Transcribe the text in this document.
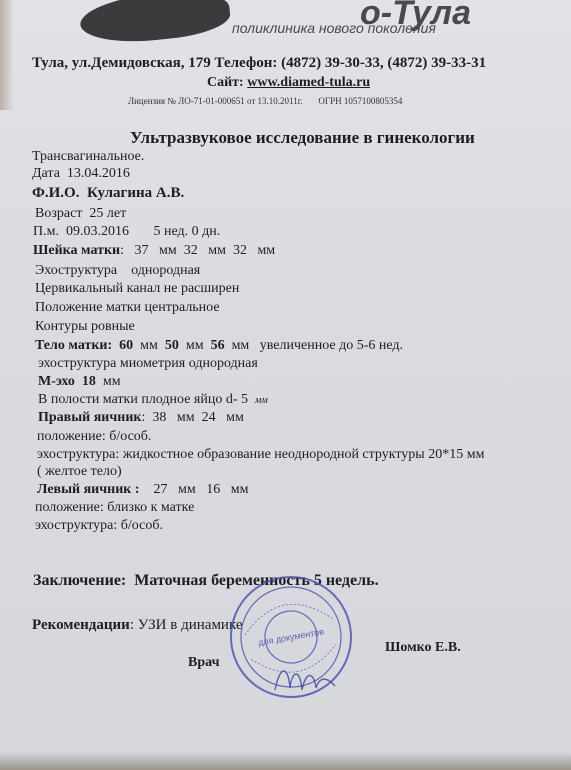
о-Тула
поликлиника нового поколения
Тула, ул.Демидовская, 179 Телефон: (4872) 39-30-33, (4872) 39-33-31
Сайт: www.diamed-tula.ru
Лицензия № ЛО-71-01-000651 от 13.10.2011г. ОГРН 1057100805354
Ультразвуковое исследование в гинекологии
Трансвагинальное.
Дата 13.04.2016
Ф.И.О. Кулагина А.В.
Возраст 25 лет
П.м. 09.03.2016 5 нед. 0 дн.
Шейка матки:   37 мм 32 мм 32 мм
Эхоструктура однородная
Цервикальный канал не расширен
Положение матки центральное
Контуры ровные
Тело матки: 60 мм 50 мм 56 мм увеличенное до 5-6 нед.
эхоструктура миометрия однородная
М-эхо 18 мм
В полости матки плодное яйцо d- 5 мм
Правый яичник:  38 мм 24 мм
положение: б/особ.
эхоструктура: жидкостное образование неоднородной структуры 20*15 мм
( желтое тело)
Левый яичник : 27 мм 16 мм
положение: близко к матке
эхоструктура: б/особ.
Заключение: Маточная беременность 5 недель.
Рекомендации: УЗИ в динамике
Врач
Шомко Е.В.
для документов
